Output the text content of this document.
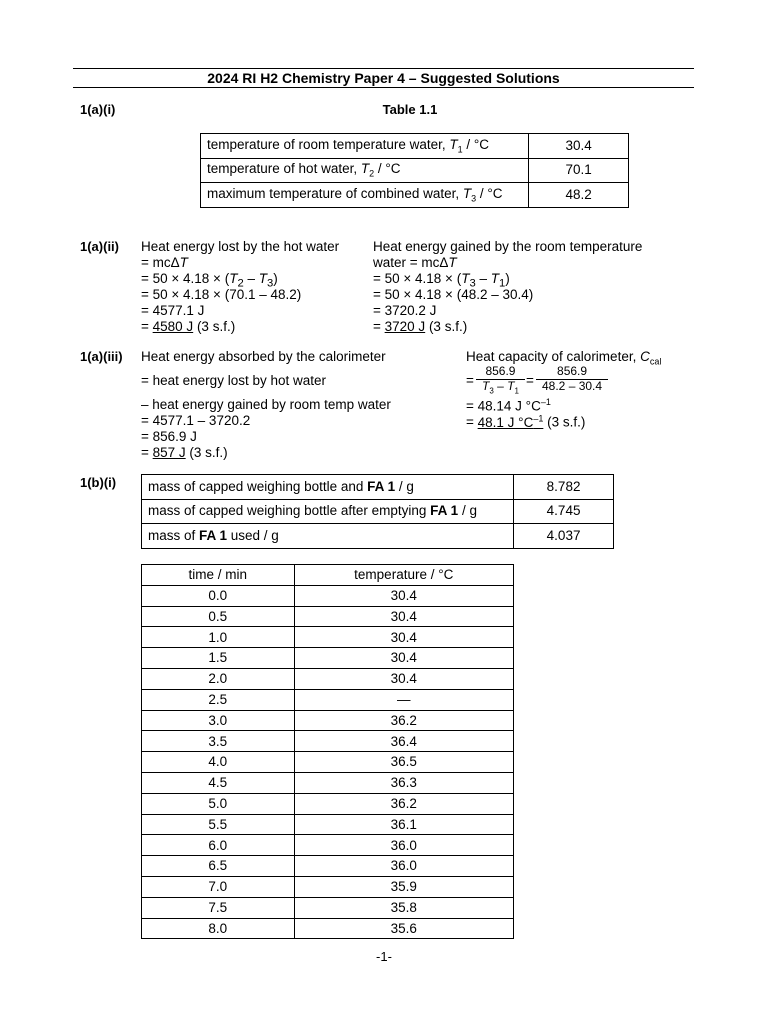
2024 RI H2 Chemistry Paper 4 – Suggested Solutions
1(a)(i)	Table 1.1
temperature of room temperature water, $T_1 / ^\circ C$	30.4
temperature of hot water, $T_2 / ^\circ C$	70.1
maximum temperature of combined water, $T_3 / ^\circ C$	48.2
1(a)(ii) Heat energy lost by the hot water
= mcΔT
= $50 \times 4.18 \times (T_2 - T_3)$
= 50 × 4.18 × (70.1 – 48.2)
= 4577.1 J
= 4580 J (3 s.f.)
Heat energy gained by the room temperature
water = mcΔT
= $50 \times 4.18 \times (T_3 - T_1)$
= 50 × 4.18 × (48.2 – 30.4)
= 3720.2 J
= 3720 J (3 s.f.)
1(a)(iii) Heat energy absorbed by the calorimeter
= heat energy lost by hot water
– heat energy gained by room temp water
= 4577.1 – 3720.2
= 856.9 J
= 857 J (3 s.f.)
Heat capacity of calorimeter, $C_{cal}$
= $\frac{856.9}{T_3 - T_1} = \frac{856.9}{48.2 - 30.4}$
= 48.14 J $^\circ C^{-1}$
= 48.1 J $^\circ C^{-1}$ (3 s.f.)
1(b)(i) mass of capped weighing bottle and FA 1 / g	8.782
mass of capped weighing bottle after emptying FA 1 / g	4.745
mass of FA 1 used / g	4.037
time / min	temperature / °C
0.0	30.4
0.5	30.4
1.0	30.4
1.5	30.4
2.0	30.4
2.5	—
3.0	36.2
3.5	36.4
4.0	36.5
4.5	36.3
5.0	36.2
5.5	36.1
6.0	36.0
6.5	36.0
7.0	35.9
7.5	35.8
8.0	35.6
-1-
